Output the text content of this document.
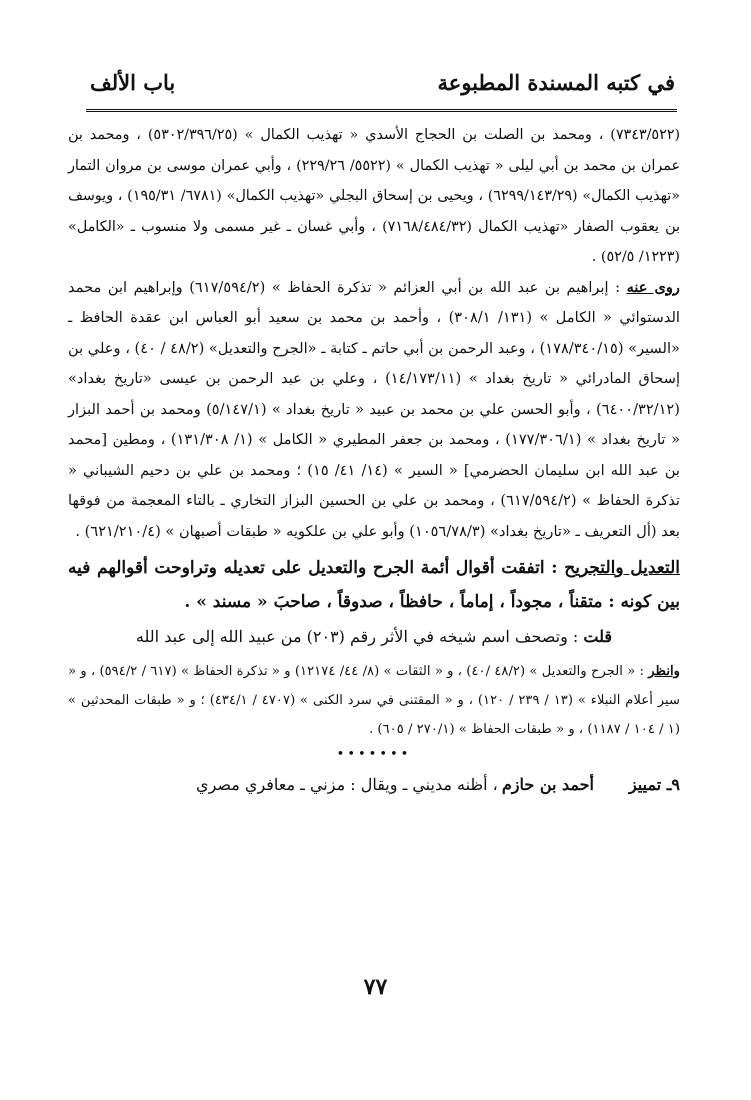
في كتبه المسندة المطبوعة
باب الألف

(٧٣٤٣/٥٢٢) ، ومحمد بن الصلت بن الحجاج الأسدي « تهذيب الكمال » (٥٣٠٢/٣٩٦/٢٥) ، ومحمد بن عمران بن محمد بن أبي ليلى « تهذيب الكمال » (٥٥٢٢/ ٢٢٩/٢٦) ، وأبي عمران موسى بن مروان التمار «تهذيب الكمال» (٦٢٩٩/١٤٣/٢٩) ، ويحيى بن إسحاق البجلي «تهذيب الكمال» (٦٧٨١/ ١٩٥/٣١) ، ويوسف بن يعقوب الصفار «تهذيب الكمال (٧١٦٨/٤٨٤/٣٢) ، وأبي غسان ـ غير مسمى ولا منسوب ـ «الكامل» (١٢٢٣/ ٥٢/٥) .

روى عنه : إبراهيم بن عبد الله بن أبي العزائم « تذكرة الحفاظ » (٦١٧/٥٩٤/٢) وإبراهيم ابن محمد الدستوائي « الكامل » (١٣١/ ٣٠٨/١) ، وأحمد بن محمد بن سعيد أبو العباس ابن عقدة الحافظ ـ «السير» (١٧٨/٣٤٠/١٥) ، وعبد الرحمن بن أبي حاتم ـ كتابة ـ «الجرح والتعديل» (٤٨/٢ / ٤٠) ، وعلي بن إسحاق المادرائي « تاريخ بغداد » (١٤/١٧٣/١١) ، وعلي بن عبد الرحمن بن عيسى «تاريخ بغداد» (٦٤٠٠/٣٢/١٢) ، وأبو الحسن علي بن محمد بن عبيد « تاريخ بغداد » (٥/١٤٧/١) ومحمد بن أحمد البزار « تاريخ بغداد » (١٧٧/٣٠٦/١) ، ومحمد بن جعفر المطيري « الكامل » (١/ ١٣١/٣٠٨) ، ومطين [محمد بن عبد الله ابن سليمان الحضرمي] « السير » (١٤/ ٤١/ ١٥) ؛ ومحمد بن علي بن دحيم الشيباني « تذكرة الحفاظ » (٦١٧/٥٩٤/٢) ، ومحمد بن علي بن الحسين البزاز التخاري ـ بالتاء المعجمة من فوقها بعد (أل التعريف ـ «تاريخ بغداد» (١٠٥٦/٧٨/٣) وأبو علي بن علكويه « طبقات أصبهان » (٦٢١/٢١٠/٤) .

التعديل والتجريح : اتفقت أقوال أئمة الجرح والتعديل على تعديله وتراوحت أقوالهم فيه بين كونه : متقناً ، مجوداً ، إماماً ، حافظاً ، صدوقاً ، صاحبَ « مسند » .

قلت : وتصحف اسم شيخه في الأثر رقم (٢٠٣) من عبيد الله إلى عبد الله

وانظر : « الجرح والتعديل » (٤٨/٢ /٤٠) ، و « الثقات » (٨/ ٤٤/ ١٢١٧٤) و « تذكرة الحفاظ » (٦١٧ / ٥٩٤/٢) ، و « سير أعلام النبلاء » (١٣ / ٢٣٩ / ١٢٠) ، و « المقتنى في سرد الكنى » (٤٧٠٧ / ٤٣٤/١) ؛ و « طبقات المحدثين » (١ / ١٠٤ / ١١٨٧) ، و « طبقات الحفاظ » (٢٧٠/١ / ٦٠٥) .

•••••••
٩ـ تمييز
أحمد بن حازم
، أظنه مديني ـ ويقال : مزني ـ معافري مصري
٧٧
